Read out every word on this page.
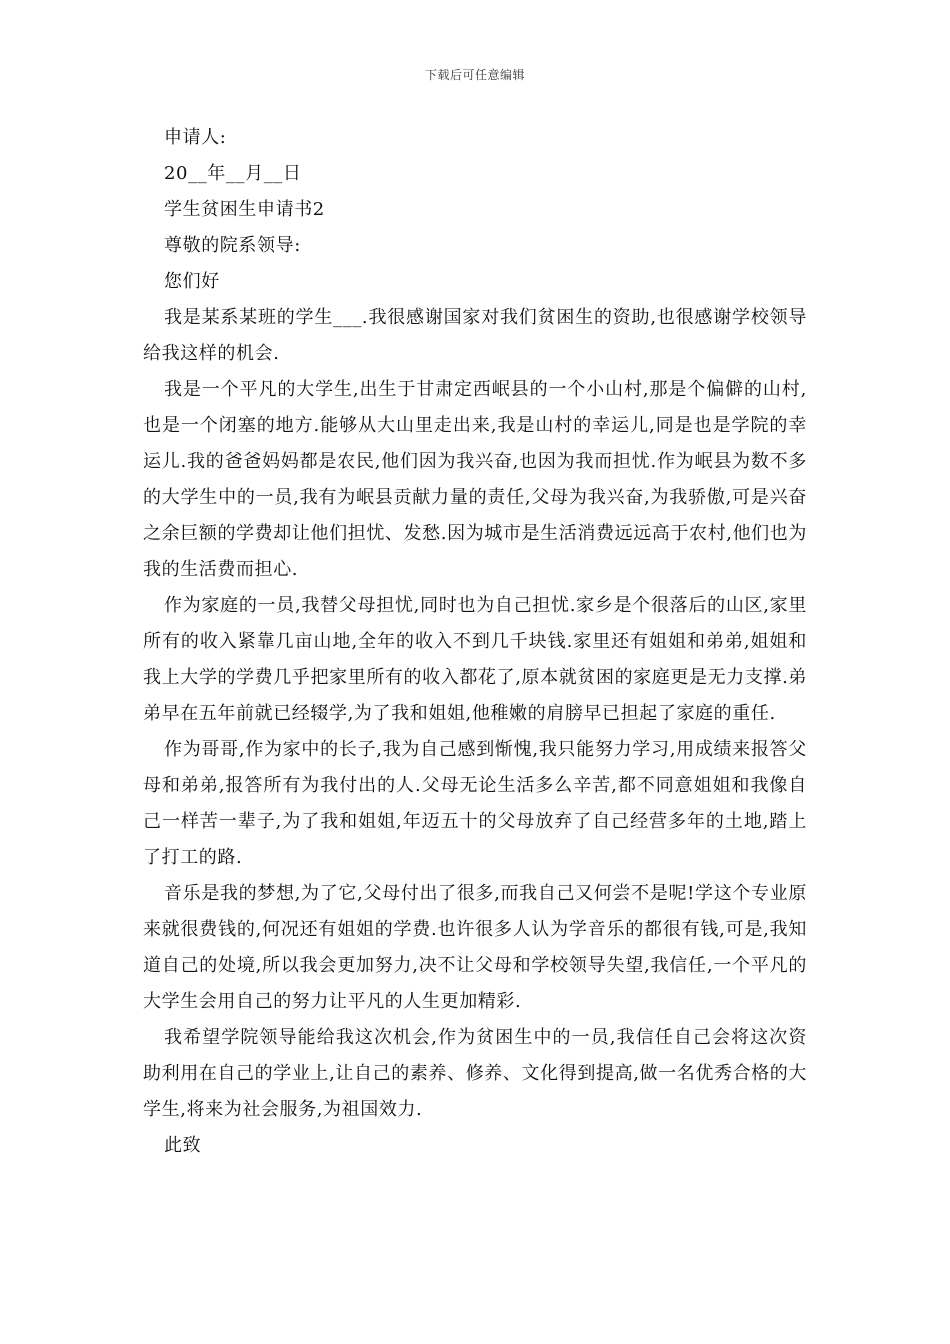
下载后可任意编辑

申请人:

20__年__月__日

学生贫困生申请书2

尊敬的院系领导:

您们好

我是某系某班的学生___.我很感谢国家对我们贫困生的资助,也很感谢学校领导给我这样的机会.

我是一个平凡的大学生,出生于甘肃定西岷县的一个小山村,那是个偏僻的山村,也是一个闭塞的地方.能够从大山里走出来,我是山村的幸运儿,同是也是学院的幸运儿.我的爸爸妈妈都是农民,他们因为我兴奋,也因为我而担忧.作为岷县为数不多的大学生中的一员,我有为岷县贡献力量的责任,父母为我兴奋,为我骄傲,可是兴奋之余巨额的学费却让他们担忧、发愁.因为城市是生活消费远远高于农村,他们也为我的生活费而担心.

作为家庭的一员,我替父母担忧,同时也为自己担忧.家乡是个很落后的山区,家里所有的收入紧靠几亩山地,全年的收入不到几千块钱.家里还有姐姐和弟弟,姐姐和我上大学的学费几乎把家里所有的收入都花了,原本就贫困的家庭更是无力支撑.弟弟早在五年前就已经辍学,为了我和姐姐,他稚嫩的肩膀早已担起了家庭的重任.

作为哥哥,作为家中的长子,我为自己感到惭愧,我只能努力学习,用成绩来报答父母和弟弟,报答所有为我付出的人.父母无论生活多么辛苦,都不同意姐姐和我像自己一样苦一辈子,为了我和姐姐,年迈五十的父母放弃了自己经营多年的土地,踏上了打工的路.

音乐是我的梦想,为了它,父母付出了很多,而我自己又何尝不是呢!学这个专业原来就很费钱的,何况还有姐姐的学费.也许很多人认为学音乐的都很有钱,可是,我知道自己的处境,所以我会更加努力,决不让父母和学校领导失望,我信任,一个平凡的大学生会用自己的努力让平凡的人生更加精彩.

我希望学院领导能给我这次机会,作为贫困生中的一员,我信任自己会将这次资助利用在自己的学业上,让自己的素养、修养、文化得到提高,做一名优秀合格的大学生,将来为社会服务,为祖国效力.

此致
